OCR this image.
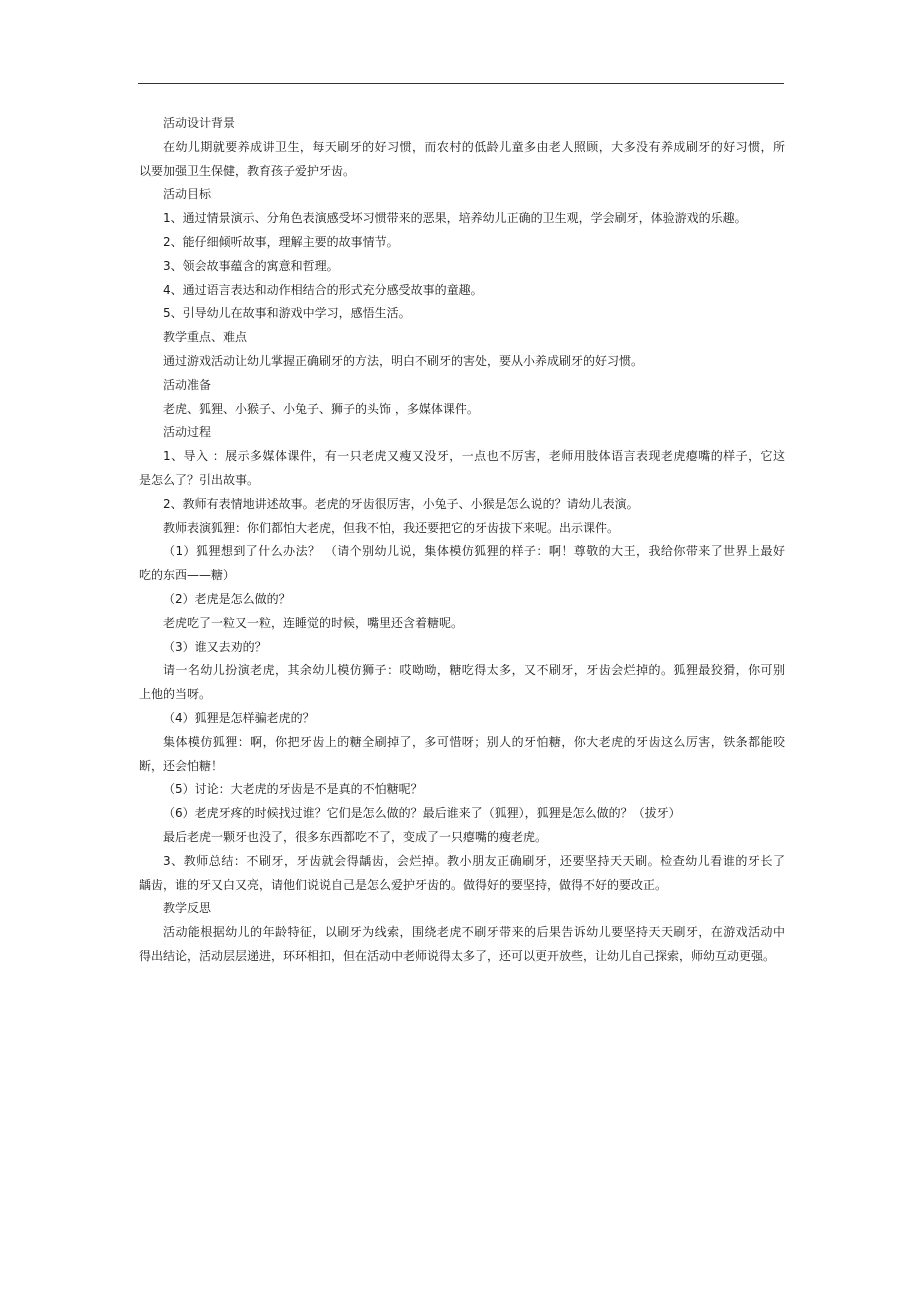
活动设计背景
在幼儿期就要养成讲卫生，每天刷牙的好习惯，而农村的低龄儿童多由老人照顾，大多没有养成刷牙的好习惯，所
以要加强卫生保健，教育孩子爱护牙齿。
活动目标
1、通过情景演示、分角色表演感受坏习惯带来的恶果，培养幼儿正确的卫生观，学会刷牙，体验游戏的乐趣。
2、能仔细倾听故事，理解主要的故事情节。
3、领会故事蕴含的寓意和哲理。
4、通过语言表达和动作相结合的形式充分感受故事的童趣。
5、引导幼儿在故事和游戏中学习，感悟生活。
教学重点、难点
通过游戏活动让幼儿掌握正确刷牙的方法，明白不刷牙的害处，要从小养成刷牙的好习惯。
活动准备
老虎、狐狸、小猴子、小兔子、狮子的头饰 ，多媒体课件。
活动过程
1、导入 ：展示多媒体课件，有一只老虎又瘦又没牙，一点也不厉害，老师用肢体语言表现老虎瘪嘴的样子，它这
是怎么了？引出故事。
2、教师有表情地讲述故事。老虎的牙齿很厉害，小兔子、小猴是怎么说的？请幼儿表演。
教师表演狐狸：你们都怕大老虎，但我不怕，我还要把它的牙齿拔下来呢。出示课件。
（1）狐狸想到了什么办法？ （请个别幼儿说，集体模仿狐狸的样子：啊！尊敬的大王，我给你带来了世界上最好
吃的东西——糖）
（2）老虎是怎么做的？
老虎吃了一粒又一粒，连睡觉的时候，嘴里还含着糖呢。
（3）谁又去劝的？
请一名幼儿扮演老虎，其余幼儿模仿狮子：哎呦呦，糖吃得太多，又不刷牙，牙齿会烂掉的。狐狸最狡猾，你可别
上他的当呀。
（4）狐狸是怎样骗老虎的？
集体模仿狐狸：啊，你把牙齿上的糖全刷掉了，多可惜呀；别人的牙怕糖，你大老虎的牙齿这么厉害，铁条都能咬
断，还会怕糖！
（5）讨论：大老虎的牙齿是不是真的不怕糖呢？
（6）老虎牙疼的时候找过谁？它们是怎么做的？最后谁来了（狐狸），狐狸是怎么做的？（拔牙）
最后老虎一颗牙也没了，很多东西都吃不了，变成了一只瘪嘴的瘦老虎。
3、教师总结：不刷牙，牙齿就会得龋齿，会烂掉。教小朋友正确刷牙，还要坚持天天刷。检查幼儿看谁的牙长了
龋齿，谁的牙又白又亮，请他们说说自己是怎么爱护牙齿的。做得好的要坚持，做得不好的要改正。
教学反思
活动能根据幼儿的年龄特征，以刷牙为线索，围绕老虎不刷牙带来的后果告诉幼儿要坚持天天刷牙，在游戏活动中
得出结论，活动层层递进，环环相扣，但在活动中老师说得太多了，还可以更开放些，让幼儿自己探索，师幼互动更强。
